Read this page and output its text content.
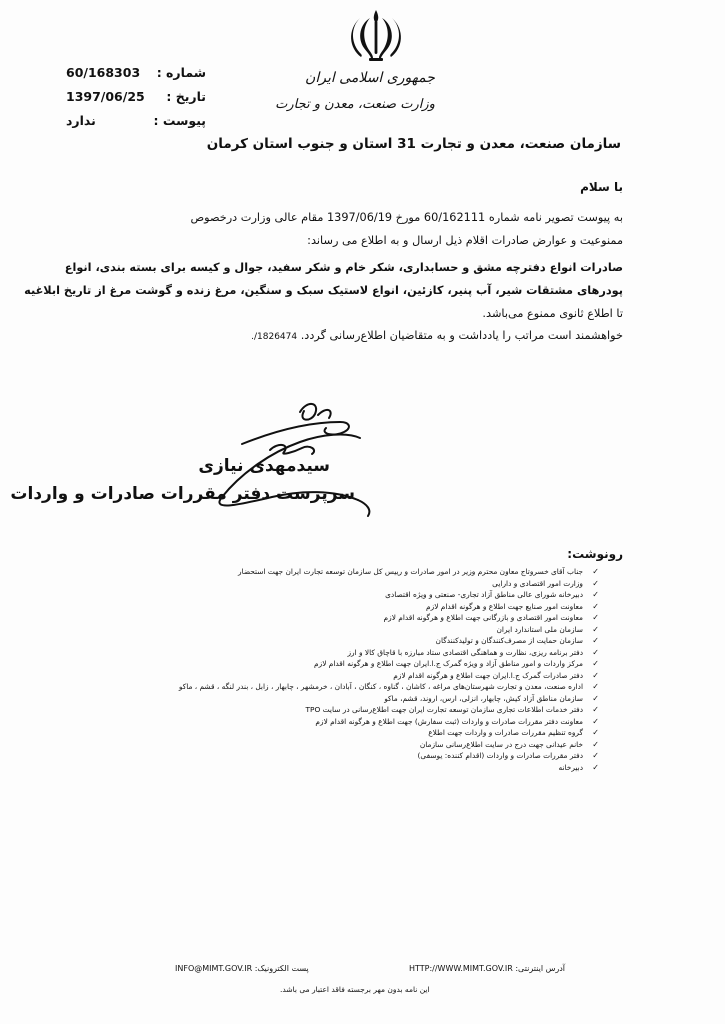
جمهوری اسلامی ایران
وزارت صنعت، معدن و تجارت
سازمان صنعت، معدن و تجارت 31 استان و جنوب استان کرمان
60/168303 شماره :
1397/06/25 تاریخ :
ندارد	پیوست :
با سلام
به پیوست تصویر نامه شماره 60/162111 مورخ 1397/06/19 مقام عالی وزارت درخصوص
ممنوعیت و عوارض صادرات اقلام ذیل ارسال و به اطلاع می رساند:
صادرات انواع دفترچه مشق و حسابداری، شکر خام و شکر سفید، جوال و کیسه برای بسته بندی، انواع
پودرهای مشتقات شیر، آب پنیر، کازئین، انواع لاستیک سبک و سنگین، مرغ زنده و گوشت مرغ از تاریخ ابلاغیه
تا اطلاع ثانوی ممنوع می‌باشد.
خواهشمند است مراتب را یادداشت و به متقاضیان اطلاع‌رسانی گردد. 1826474/.
سیدمهدی نیازی
سرپرست دفتر مقررات صادرات و واردات
رونوشت:
✓
جناب آقای خسروتاج معاون محترم وزیر در امور صادرات و رییس کل سازمان توسعه تجارت ایران جهت استحضار
✓
وزارت امور اقتصادی و دارایی
✓
دبیرخانه شورای عالی مناطق آزاد تجاری- صنعتی و ویژه اقتصادی
✓
معاونت امور صنایع جهت اطلاع و هرگونه اقدام لازم
✓
معاونت امور اقتصادی و بازرگانی جهت اطلاع و هرگونه اقدام لازم
✓
سازمان ملی استاندارد ایران
✓
سازمان حمایت از مصرف‌کنندگان و تولیدکنندگان
✓
دفتر برنامه ریزی، نظارت و هماهنگی اقتصادی ستاد مبارزه با قاچاق کالا و ارز
✓
مرکز واردات و امور مناطق آزاد و ویژه گمرک ج.ا.ایران جهت اطلاع و هرگونه اقدام لازم
✓
دفتر صادرات گمرک ج.ا.ایران جهت اطلاع و هرگونه اقدام لازم
✓
اداره صنعت، معدن و تجارت شهرستان‌های مراغه ، کاشان ، گناوه ، کنگان ، آبادان ، خرمشهر ، چابهار ، زابل ، بندر لنگه ، قشم ، ماکو
✓
سازمان مناطق آزاد کیش، چابهار، انزلی، ارس، اروند، قشم، ماکو
✓
دفتر خدمات اطلاعات تجاری سازمان توسعه تجارت ایران جهت اطلاع‌رسانی در سایت TPO
✓
معاونت دفتر مقررات صادرات و واردات (ثبت سفارش) جهت اطلاع و هرگونه اقدام لازم
✓
گروه تنظیم مقررات صادرات و واردات جهت اطلاع
✓
خانم عیدانی جهت درج در سایت اطلاع‌رسانی سازمان
✓
دفتر مقررات صادرات و واردات (اقدام کننده: یوسفی)
✓
دبیرخانه
INFO@MIMT.GOV.IR پست الکترونیک:	HTTP://WWW.MIMT.GOV.IR آدرس اینترنتی:
این نامه بدون مهر برجسته فاقد اعتبار می باشد.
